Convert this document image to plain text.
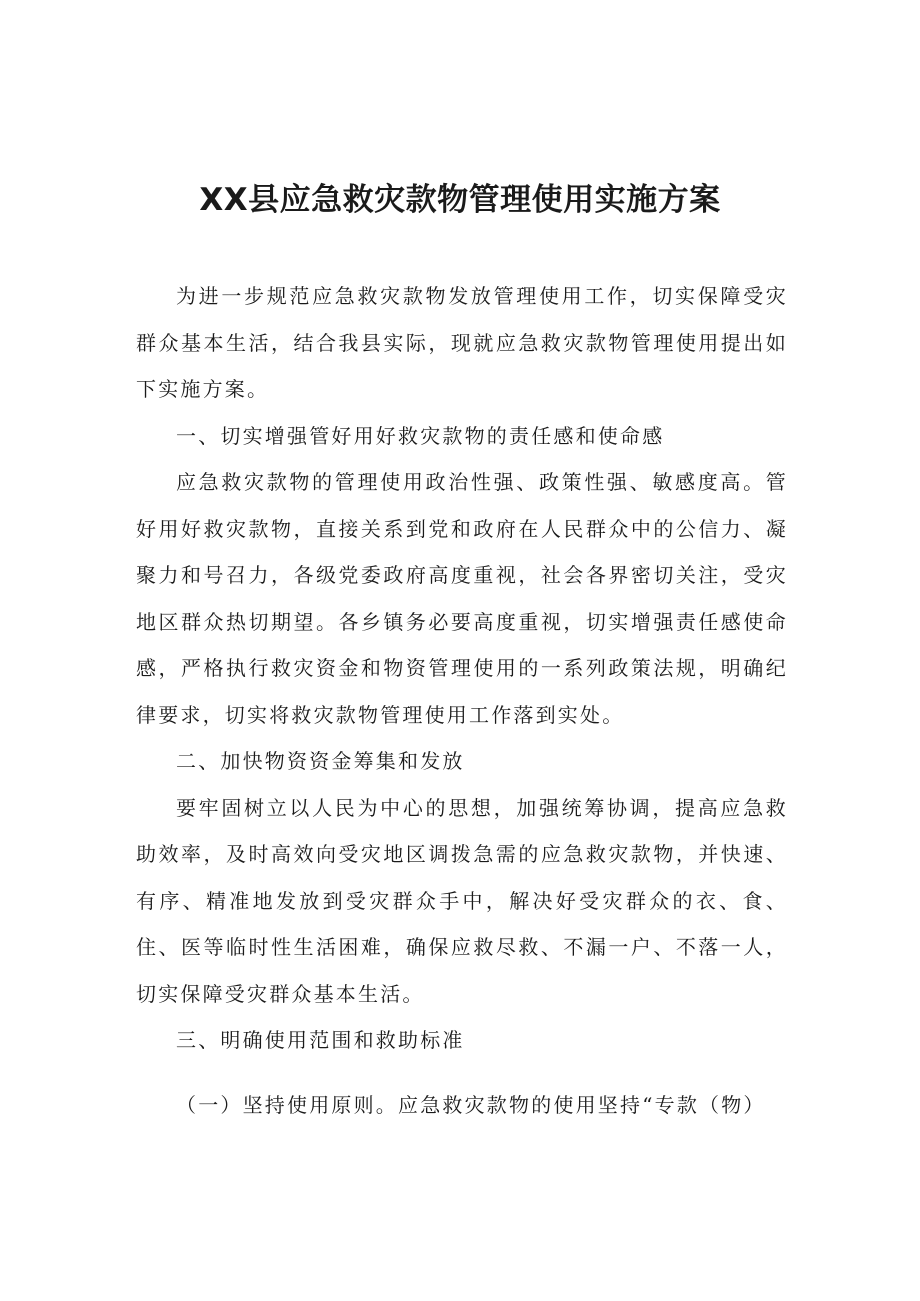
XX县应急救灾款物管理使用实施方案

为进一步规范应急救灾款物发放管理使用工作，切实保障受灾群众基本生活，结合我县实际，现就应急救灾款物管理使用提出如下实施方案。

一、切实增强管好用好救灾款物的责任感和使命感

应急救灾款物的管理使用政治性强、政策性强、敏感度高。管好用好救灾款物，直接关系到党和政府在人民群众中的公信力、凝聚力和号召力，各级党委政府高度重视，社会各界密切关注，受灾地区群众热切期望。各乡镇务必要高度重视，切实增强责任感使命感，严格执行救灾资金和物资管理使用的一系列政策法规，明确纪律要求，切实将救灾款物管理使用工作落到实处。

二、加快物资资金筹集和发放

要牢固树立以人民为中心的思想，加强统筹协调，提高应急救助效率，及时高效向受灾地区调拨急需的应急救灾款物，并快速、有序、精准地发放到受灾群众手中，解决好受灾群众的衣、食、住、医等临时性生活困难，确保应救尽救、不漏一户、不落一人，切实保障受灾群众基本生活。

三、明确使用范围和救助标准

（一）坚持使用原则。应急救灾款物的使用坚持“专款（物）
